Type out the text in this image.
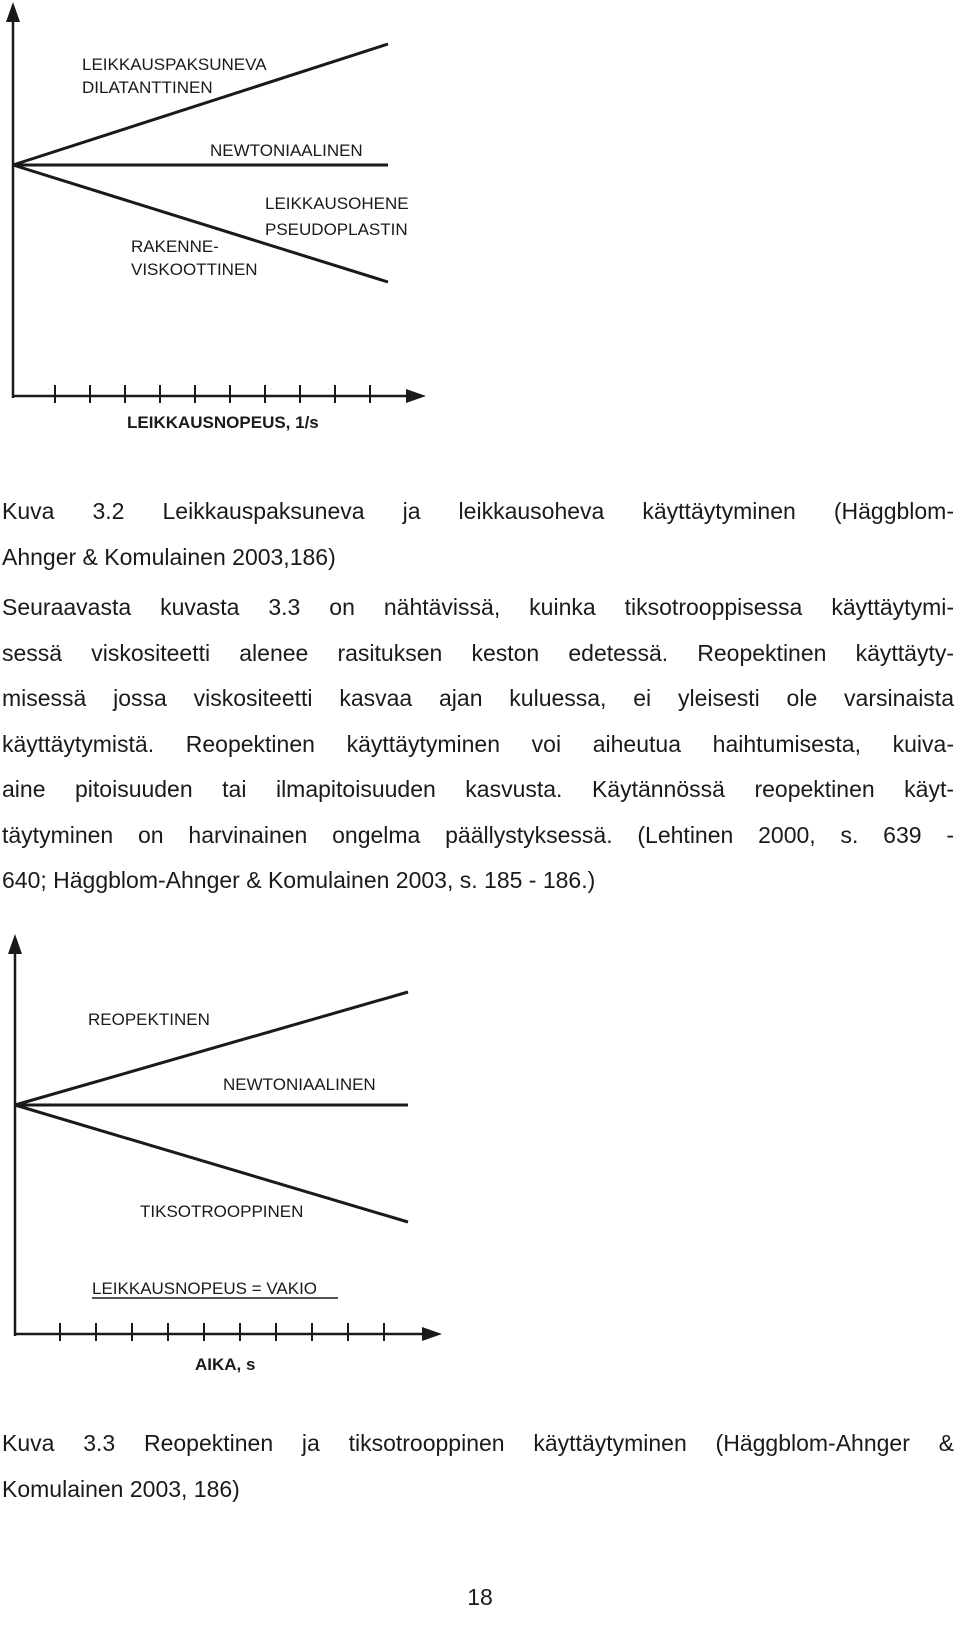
LEIKKAUSPAKSUNEVA
DILATANTTINEN
NEWTONIAALINEN
LEIKKAUSOHENE
PSEUDOPLASTIN
RAKENNE-
VISKOOTTINEN
LEIKKAUSNOPEUS, 1/s

Kuva 3.2 Leikkauspaksuneva ja leikkausoheva käyttäytyminen (Häggblom-
Ahnger & Komulainen 2003,186)

Seuraavasta kuvasta 3.3 on nähtävissä, kuinka tiksotrooppisessa käyttäytymi-
sessä viskositeetti alenee rasituksen keston edetessä. Reopektinen käyttäyty-
misessä jossa viskositeetti kasvaa ajan kuluessa, ei yleisesti ole varsinaista
käyttäytymistä. Reopektinen käyttäytyminen voi aiheutua haihtumisesta, kuiva-
aine pitoisuuden tai ilmapitoisuuden kasvusta. Käytännössä reopektinen käyt-
täytyminen on harvinainen ongelma päällystyksessä. (Lehtinen 2000, s. 639 -
640; Häggblom-Ahnger & Komulainen 2003, s. 185 - 186.)
REOPEKTINEN
NEWTONIAALINEN
TIKSOTROOPPINEN
LEIKKAUSNOPEUS = VAKIO
AIKA, s

Kuva 3.3 Reopektinen ja tiksotrooppinen käyttäytyminen (Häggblom-Ahnger &
Komulainen 2003, 186)

18
